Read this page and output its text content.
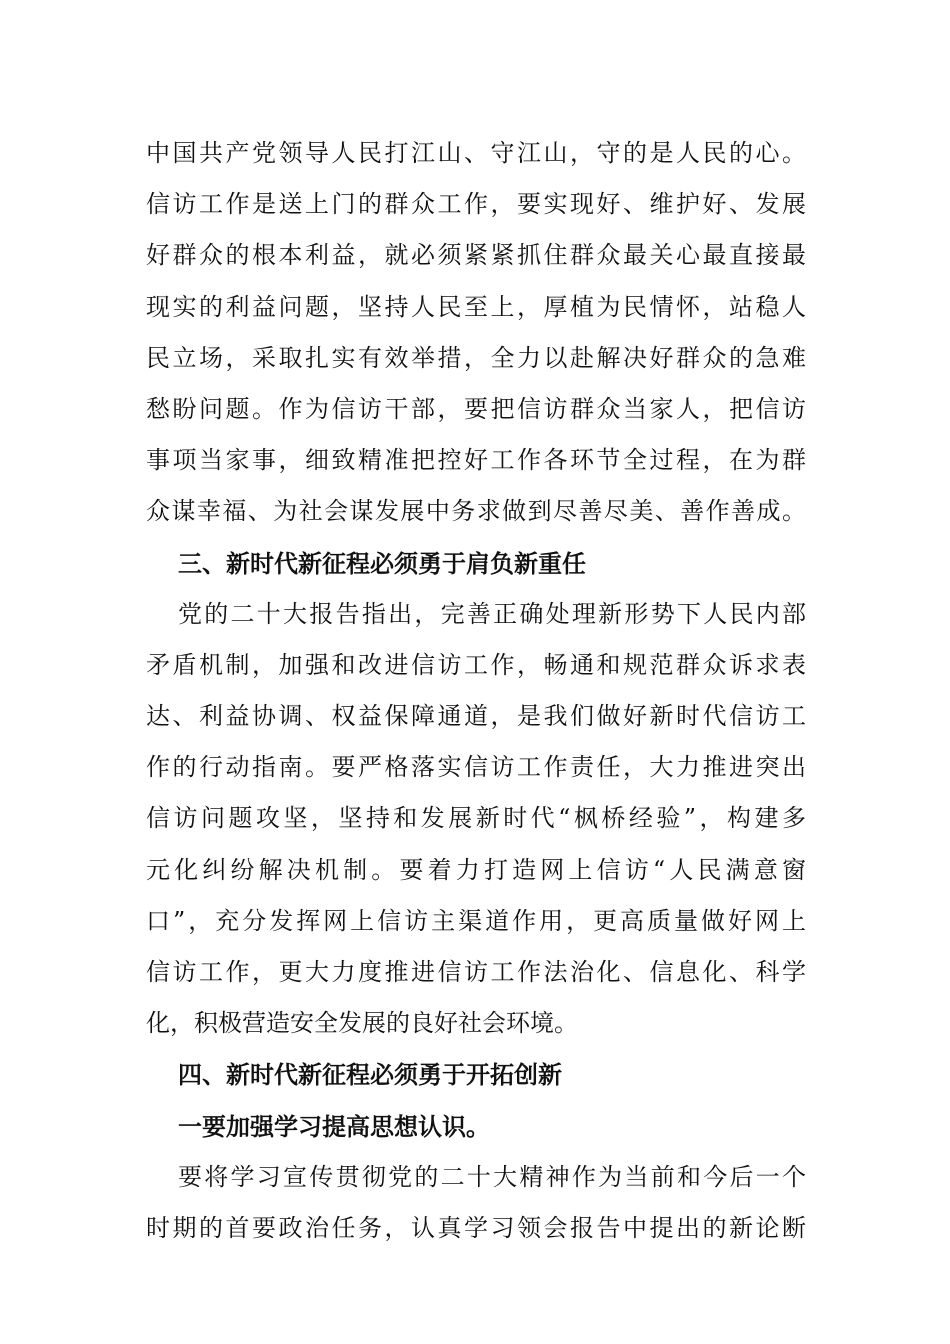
中国共产党领导人民打江山、守江山，守的是人民的心。
信访工作是送上门的群众工作，要实现好、维护好、发展
好群众的根本利益，就必须紧紧抓住群众最关心最直接最
现实的利益问题，坚持人民至上，厚植为民情怀，站稳人
民立场，采取扎实有效举措，全力以赴解决好群众的急难
愁盼问题。作为信访干部，要把信访群众当家人，把信访
事项当家事，细致精准把控好工作各环节全过程，在为群
众谋幸福、为社会谋发展中务求做到尽善尽美、善作善成。
三、新时代新征程必须勇于肩负新重任
党的二十大报告指出，完善正确处理新形势下人民内部
矛盾机制，加强和改进信访工作，畅通和规范群众诉求表
达、利益协调、权益保障通道，是我们做好新时代信访工
作的行动指南。要严格落实信访工作责任，大力推进突出
信访问题攻坚，坚持和发展新时代“枫桥经验”，构建多
元化纠纷解决机制。要着力打造网上信访“人民满意窗
口”，充分发挥网上信访主渠道作用，更高质量做好网上
信访工作，更大力度推进信访工作法治化、信息化、科学
化，积极营造安全发展的良好社会环境。
四、新时代新征程必须勇于开拓创新
一要加强学习提高思想认识。
要将学习宣传贯彻党的二十大精神作为当前和今后一个
时期的首要政治任务，认真学习领会报告中提出的新论断
